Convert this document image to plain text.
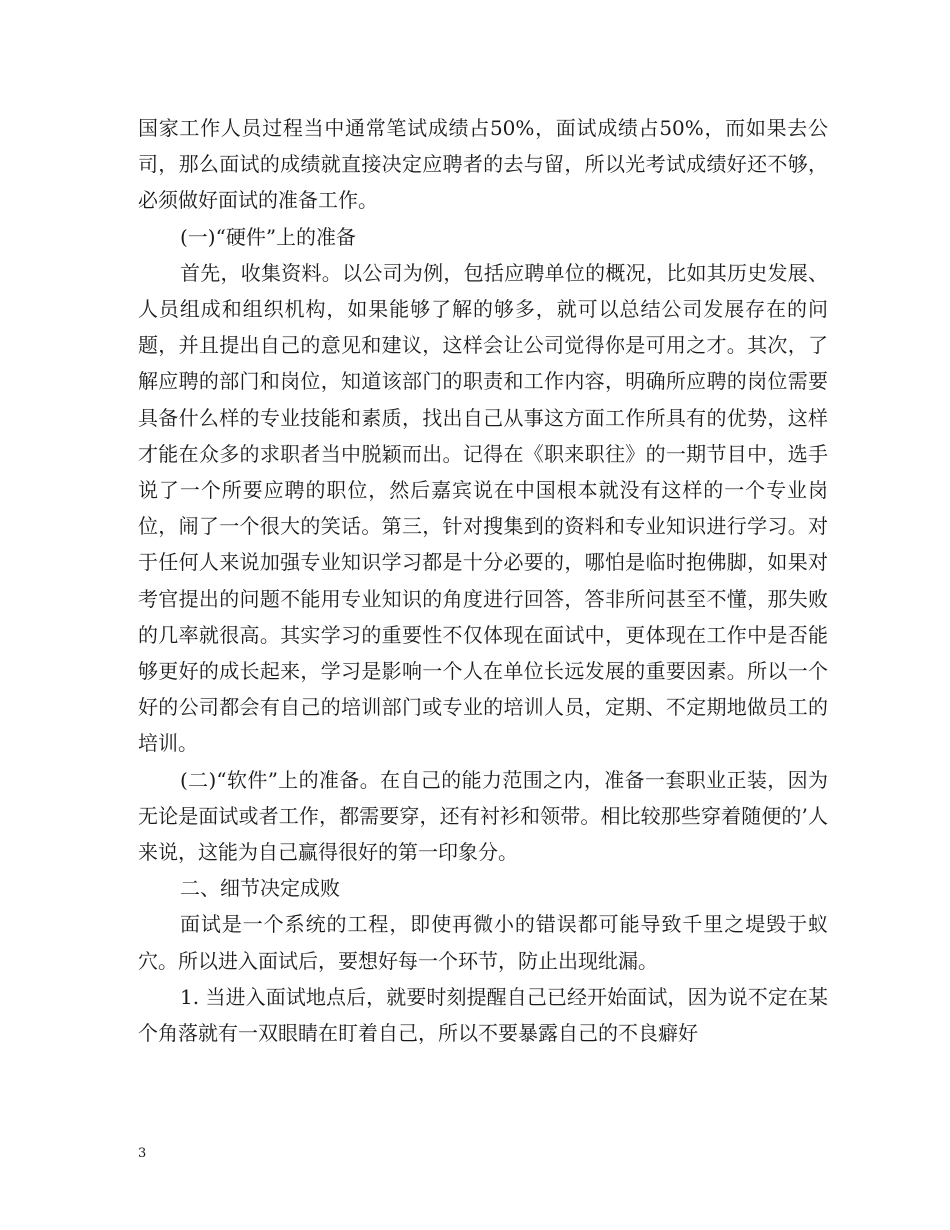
国家工作人员过程当中通常笔试成绩占50%，面试成绩占50%，而如果去公司，那么面试的成绩就直接决定应聘者的去与留，所以光考试成绩好还不够，必须做好面试的准备工作。

(一)“硬件”上的准备

首先，收集资料。以公司为例，包括应聘单位的概况，比如其历史发展、人员组成和组织机构，如果能够了解的够多，就可以总结公司发展存在的问题，并且提出自己的意见和建议，这样会让公司觉得你是可用之才。其次，了解应聘的部门和岗位，知道该部门的职责和工作内容，明确所应聘的岗位需要具备什么样的专业技能和素质，找出自己从事这方面工作所具有的优势，这样才能在众多的求职者当中脱颖而出。记得在《职来职往》的一期节目中，选手说了一个所要应聘的职位，然后嘉宾说在中国根本就没有这样的一个专业岗位，闹了一个很大的笑话。第三，针对搜集到的资料和专业知识进行学习。对于任何人来说加强专业知识学习都是十分必要的，哪怕是临时抱佛脚，如果对考官提出的问题不能用专业知识的角度进行回答，答非所问甚至不懂，那失败的几率就很高。其实学习的重要性不仅体现在面试中，更体现在工作中是否能够更好的成长起来，学习是影响一个人在单位长远发展的重要因素。所以一个好的公司都会有自己的培训部门或专业的培训人员，定期、不定期地做员工的培训。

(二)“软件”上的准备。在自己的能力范围之内，准备一套职业正装，因为无论是面试或者工作，都需要穿，还有衬衫和领带。相比较那些穿着随便的’人来说，这能为自己赢得很好的第一印象分。

二、细节决定成败

面试是一个系统的工程，即使再微小的错误都可能导致千里之堤毁于蚁穴。所以进入面试后，要想好每一个环节，防止出现纰漏。

1. 当进入面试地点后，就要时刻提醒自己已经开始面试，因为说不定在某个角落就有一双眼睛在盯着自己，所以不要暴露自己的不良癖好

3
